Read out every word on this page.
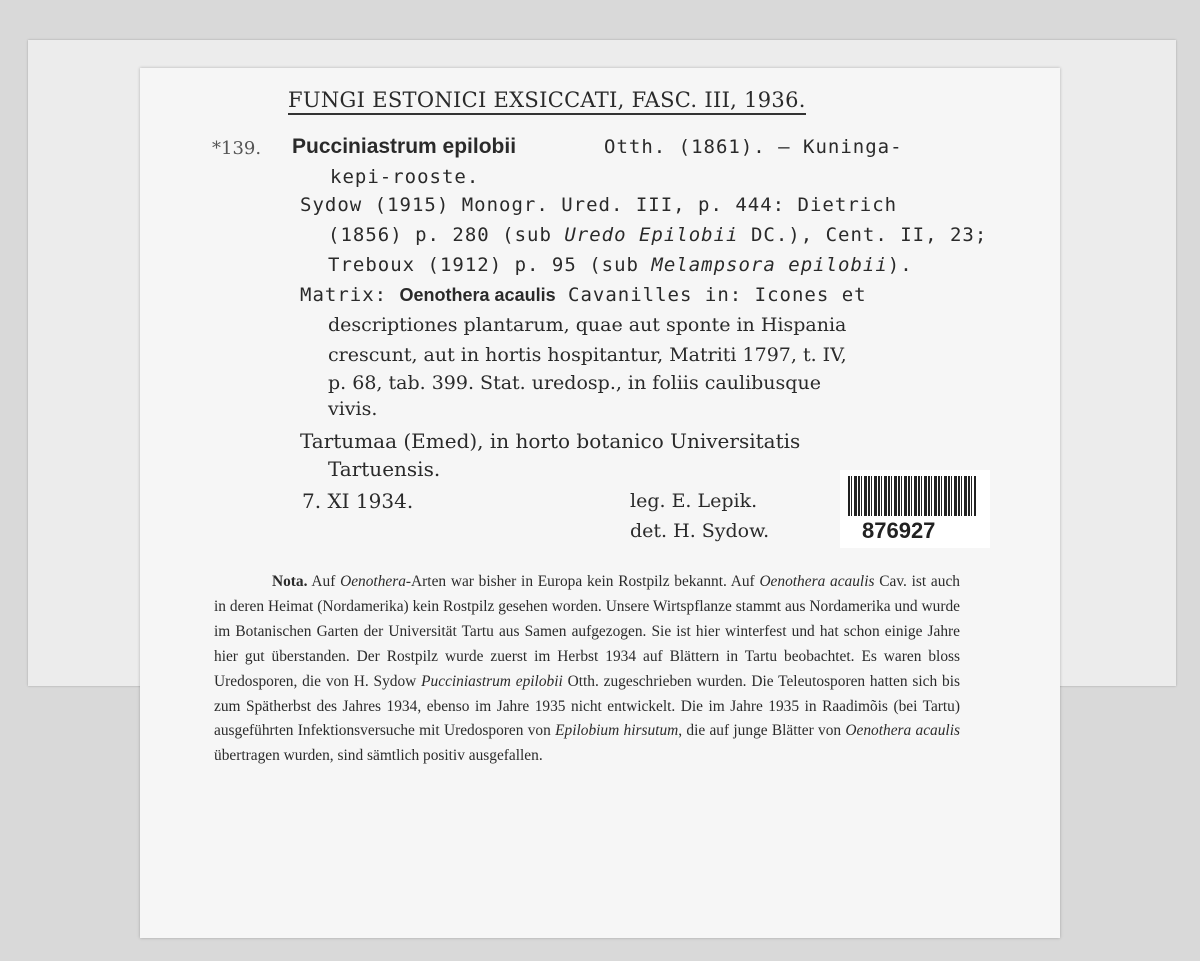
FUNGI ESTONICI EXSICCATI, FASC. III, 1936.
*139. Pucciniastrum epilobii	Otth. (1861). — Kuninga-
kepi-rooste.
Sydow (1915) Monogr. Ured. III, p. 444: Dietrich
(1856) p. 280 (sub Uredo Epilobii DC.), Cent. II, 23;
Treboux (1912) p. 95 (sub Melampsora epilobii).
Matrix: Oenothera acaulis Cavanilles in: Icones et
descriptiones plantarum, quae aut sponte in Hispania
crescunt, aut in hortis hospitantur, Matriti 1797, t. IV,
p. 68, tab. 399. Stat. uredosp., in foliis caulibusque
vivis.
Tartumaa (Emed), in horto botanico Universitatis
Tartuensis.
7. XI 1934.	leg. E. Lepik.
det. H. Sydow.	876927

Nota. Auf Oenothera-Arten war bisher in Europa kein Rostpilz bekannt. Auf Oenothera acaulis Cav. ist auch in deren Heimat (Nordamerika) kein Rostpilz gesehen worden. Unsere Wirtspflanze stammt aus Nordamerika und wurde im Botanischen Garten der Universität Tartu aus Samen aufgezogen. Sie ist hier winterfest und hat schon einige Jahre hier gut überstanden. Der Rostpilz wurde zuerst im Herbst 1934 auf Blättern in Tartu beobachtet. Es waren bloss Uredosporen, die von H. Sydow Pucciniastrum epilobii Otth. zugeschrieben wurden. Die Teleutosporen hatten sich bis zum Spätherbst des Jahres 1934, ebenso im Jahre 1935 nicht entwickelt. Die im Jahre 1935 in Raadimõis (bei Tartu) ausgeführten Infektionsversuche mit Uredosporen von Epilobium hirsutum, die auf junge Blätter von Oenothera acaulis übertragen wurden, sind sämtlich positiv ausgefallen.
